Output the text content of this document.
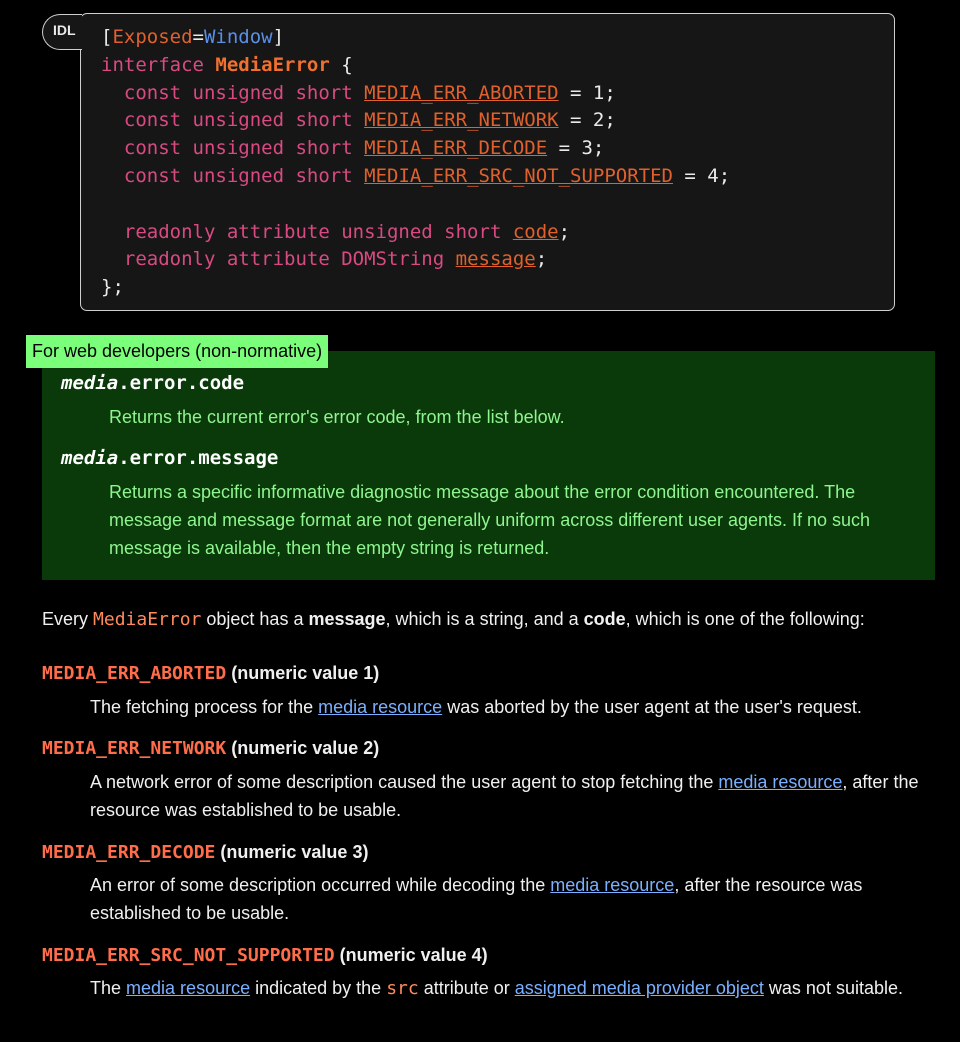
IDL	[Exposed=Window]
interface MediaError {
const unsigned short MEDIA_ERR_ABORTED = 1;
const unsigned short MEDIA_ERR_NETWORK = 2;
const unsigned short MEDIA_ERR_DECODE = 3;
const unsigned short MEDIA_ERR_SRC_NOT_SUPPORTED = 4;

readonly attribute unsigned short code;
readonly attribute DOMString message;
};
For web developers (non-normative)
media.error.code
Returns the current error's error code, from the list below.
media.error.message
Returns a specific informative diagnostic message about the error condition encountered. The message and message format are not generally uniform across different user agents. If no such message is available, then the empty string is returned.
Every MediaError object has a message, which is a string, and a code, which is one of the following:
MEDIA_ERR_ABORTED (numeric value 1)
The fetching process for the media resource was aborted by the user agent at the user's request.
MEDIA_ERR_NETWORK (numeric value 2)
A network error of some description caused the user agent to stop fetching the media resource, after the resource was established to be usable.
MEDIA_ERR_DECODE (numeric value 3)
An error of some description occurred while decoding the media resource, after the resource was established to be usable.
MEDIA_ERR_SRC_NOT_SUPPORTED (numeric value 4)
The media resource indicated by the src attribute or assigned media provider object was not suitable.
